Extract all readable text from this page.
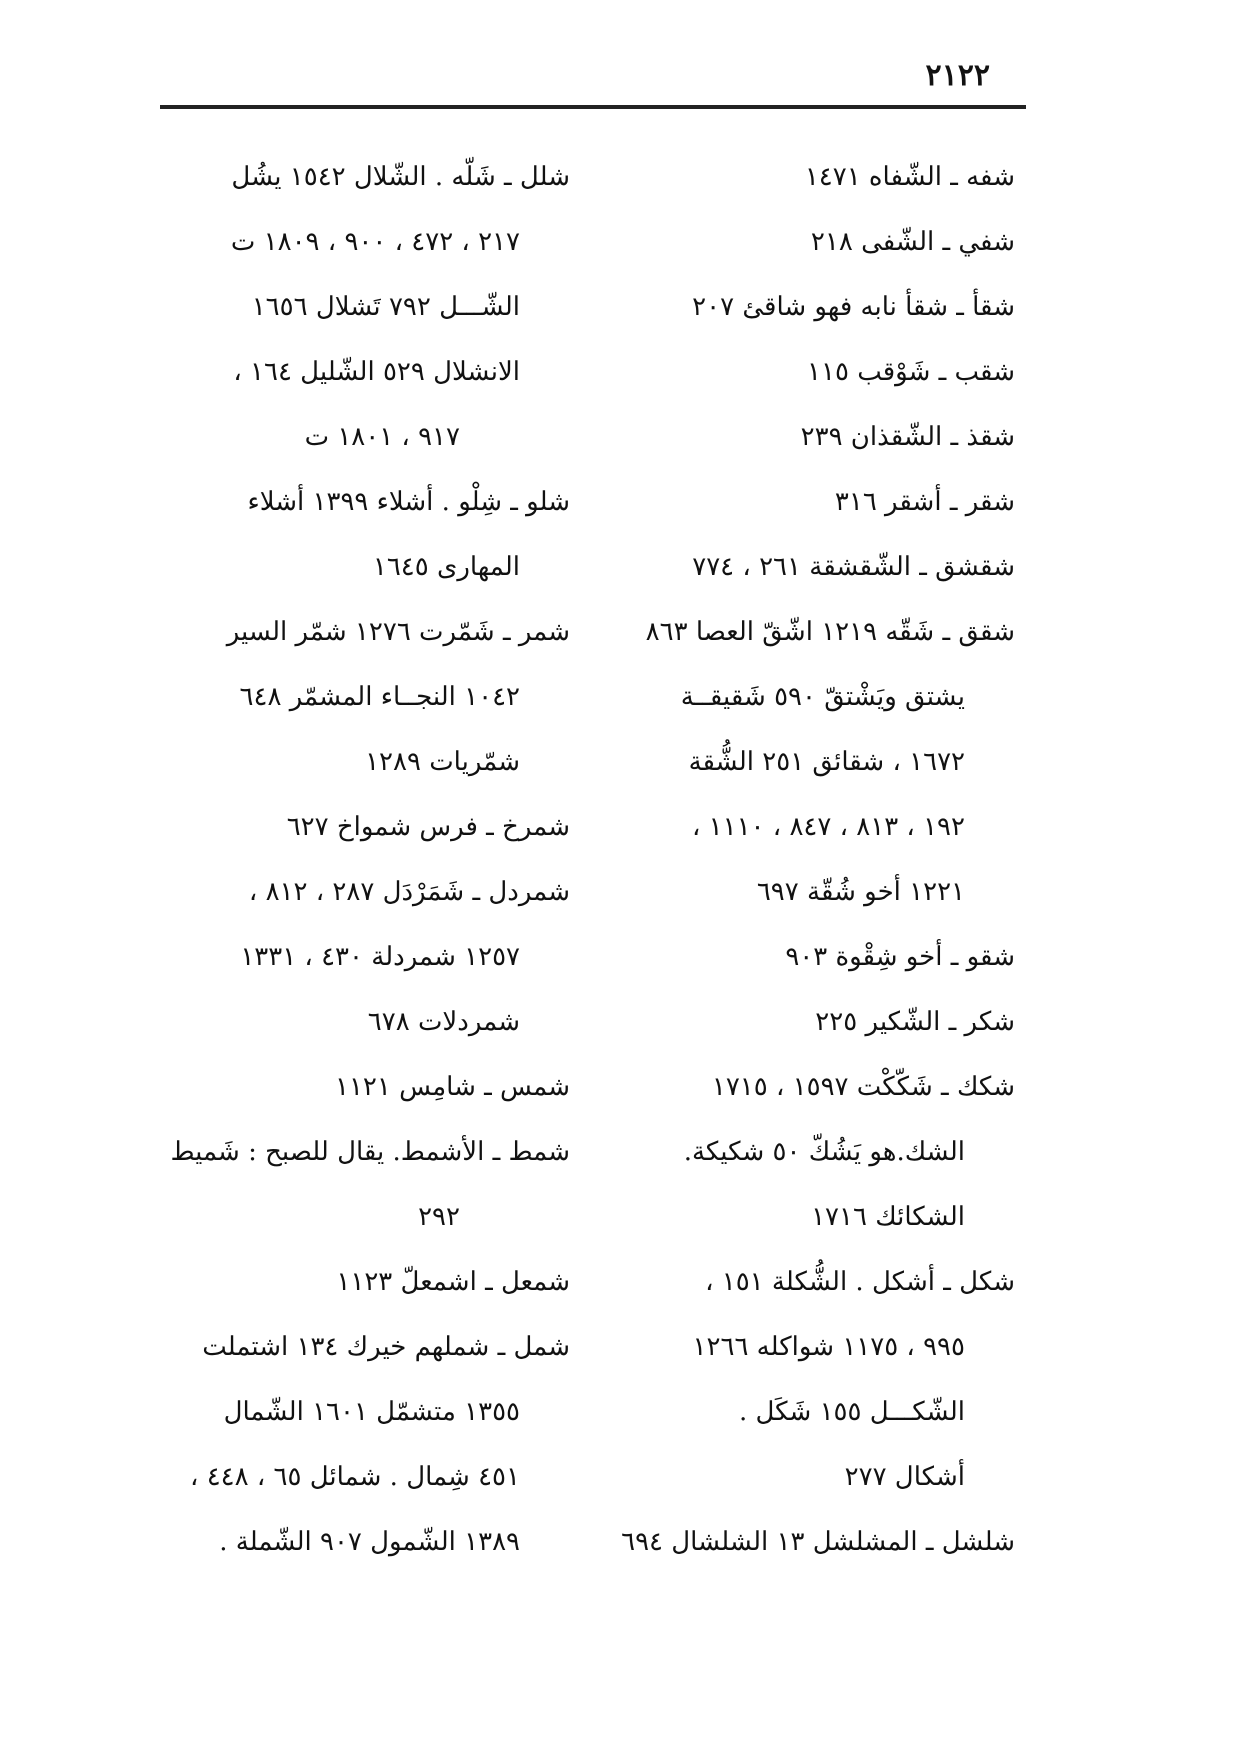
٢١٢٢
شفه ـ الشّفاه ١٤٧١
شفي ـ الشّفى ٢١٨
شقأ ـ شقأ نابه فهو شاقئ ٢٠٧
شقب ـ شَوْقب ١١٥
شقذ ـ الشّقذان ٢٣٩
شقر ـ أشقر ٣١٦
شقشق ـ الشّقشقة ٢٦١ ، ٧٧٤
شقق ـ شَقّه ١٢١٩ اشّقّ العصا ٨٦٣
يشتق ويَشْتقّ ٥٩٠ شَقيقــة
١٦٧٢ ، شقائق ٢٥١ الشُّقة
١٩٢ ، ٨١٣ ، ٨٤٧ ، ١١١٠ ،
١٢٢١ أخو شُقّة ٦٩٧
شقو ـ أخو شِقْوة ٩٠٣
شكر ـ الشّكير ٢٢٥
شكك ـ شَكّكْت ١٥٩٧ ، ١٧١٥
الشك.هو يَشُكّ ٥٠ شكيكة.
الشكائك ١٧١٦
شكل ـ أشكل . الشُّكلة ١٥١ ،
٩٩٥ ، ١١٧٥ شواكله ١٢٦٦
الشّكـــل ١٥٥ شَكَل .
أشكال ٢٧٧
شلشل ـ المشلشل ١٣ الشلشال ٦٩٤
شلل ـ شَلّه . الشّلال ١٥٤٢ يشُل
٢١٧ ، ٤٧٢ ، ٩٠٠ ، ١٨٠٩ ت
الشّـــل ٧٩٢ تَشلال ١٦٥٦
الانشلال ٥٢٩ الشّليل ١٦٤ ،
٩١٧ ، ١٨٠١ ت
شلو ـ شِلْو . أشلاء ١٣٩٩ أشلاء
المهارى ١٦٤٥
شمر ـ شَمّرت ١٢٧٦ شمّر السير
١٠٤٢ النجــاء المشمّر ٦٤٨
شمّريات ١٢٨٩
شمرخ ـ فرس شمواخ ٦٢٧
شمردل ـ شَمَرْدَل ٢٨٧ ، ٨١٢ ،
١٢٥٧ شمردلة ٤٣٠ ، ١٣٣١
شمردلات ٦٧٨
شمس ـ شامِس ١١٢١
شمط ـ الأشمط. يقال للصبح : شَميط
٢٩٢
شمعل ـ اشمعلّ ١١٢٣
شمل ـ شملهم خيرك ١٣٤ اشتملت
١٣٥٥ متشمّل ١٦٠١ الشّمال
٤٥١ شِمال . شمائل ٦٥ ، ٤٤٨ ،
١٣٨٩ الشّمول ٩٠٧ الشّملة .
